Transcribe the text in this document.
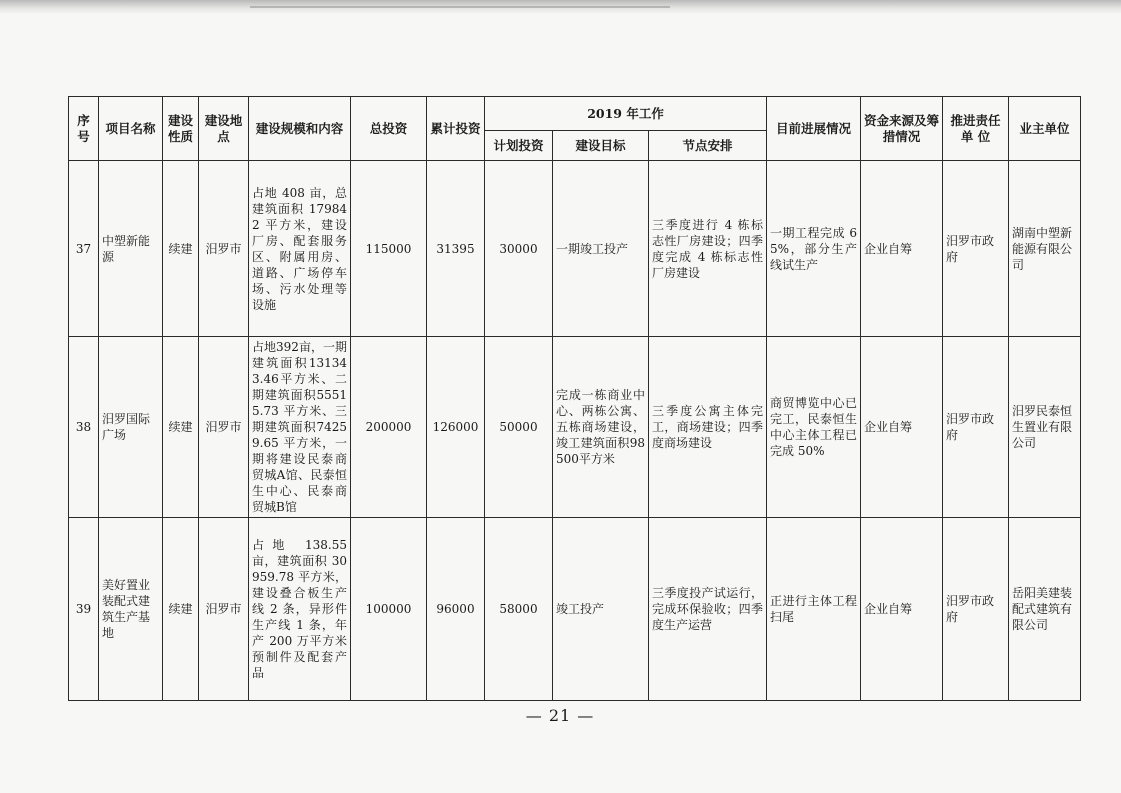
序号	项目名称	建设性质	建设地点	建设规模和内容	总投资	累计投资	2019 年工作			目前进展情况	资金来源及筹措情况	推进责任单 位	业主单位
							计划投资	建设目标	节点安排				
37	中塑新能源	续建	汨罗市	占地 408 亩，总建筑面积 179842 平方米，建设厂房、配套服务区、附属用房、道路、广场停车场、污水处理等设施	115000	31395	30000	一期竣工投产	三季度进行 4 栋标志性厂房建设；四季度完成 4 栋标志性厂房建设	一期工程完成 65%，部分生产线试生产	企业自筹	汨罗市政府	湖南中塑新能源有限公司
38	汨罗国际广场	续建	汨罗市	占地392亩，一期建筑面积131343.46平方米、二期建筑面积55515.73 平方米、三期建筑面积74259.65 平方米，一期将建设民泰商贸城A馆、民泰恒生中心、民泰商贸城B馆	200000	126000	50000	完成一栋商业中心、两栋公寓、五栋商场建设，竣工建筑面积98500平方米	三季度公寓主体完工，商场建设；四季度商场建设	商贸博览中心已完工，民泰恒生中心主体工程已完成 50%	企业自筹	汨罗市政府	汨罗民泰恒生置业有限公司
39	美好置业装配式建筑生产基地	续建	汨罗市	占地 138.55 亩，建筑面积 30959.78 平方米，建设叠合板生产线 2 条，异形件生产线 1 条，年产 200 万平方米预制件及配套产品	100000	96000	58000	竣工投产	三季度投产试运行，完成环保验收；四季度生产运营	正进行主体工程扫尾	企业自筹	汨罗市政府	岳阳美建装配式建筑有限公司
— 21 —
